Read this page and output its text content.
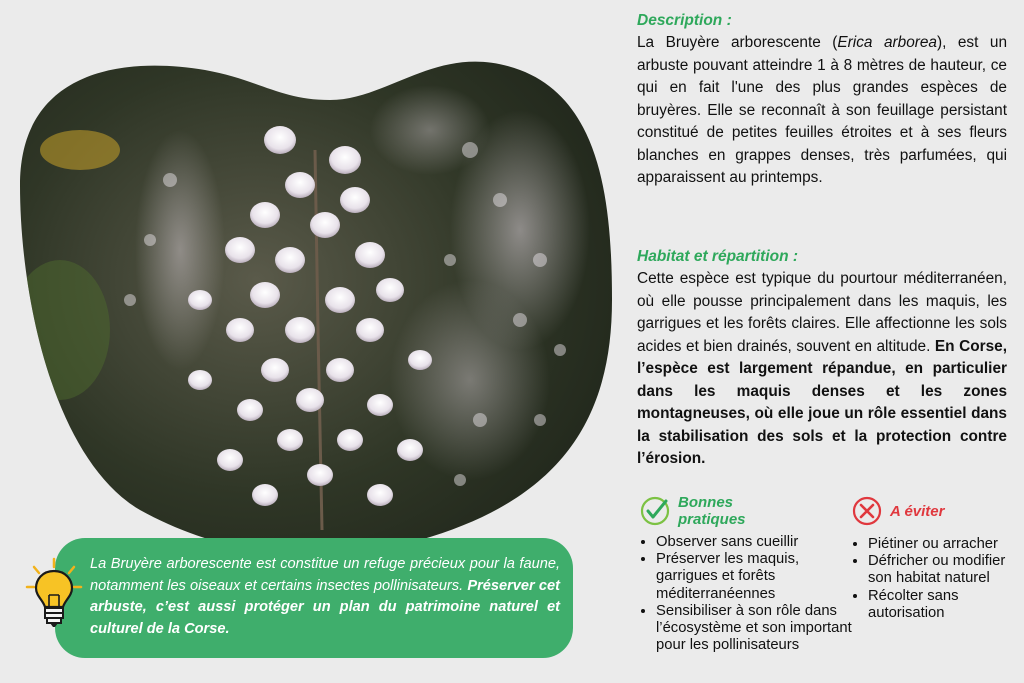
La Bruyère arborescente est constitue un refuge précieux pour la faune, notamment les oiseaux et certains insectes pollinisateurs. Préserver cet arbuste, c’est aussi protéger un plan du patrimoine naturel et culturel de la Corse.
Description :

La Bruyère arborescente (Erica arborea), est un arbuste pouvant atteindre 1 à 8 mètres de hauteur, ce qui en fait l'une des plus grandes espèces de bruyères. Elle se reconnaît à son feuillage persistant constitué de petites feuilles étroites et à ses fleurs blanches en grappes denses, très parfumées, qui apparaissent au printemps.

Habitat et répartition :

Cette espèce est typique du pourtour méditerranéen, où elle pousse principalement dans les maquis, les garrigues et les forêts claires. Elle affectionne les sols acides et bien drainés, souvent en altitude. En Corse, l’espèce est largement répandue, en particulier dans les maquis denses et les zones montagneuses, où elle joue un rôle essentiel dans la stabilisation des sols et la protection contre l’érosion.

Bonnes
pratiques
• Observer sans cueillir
• Préserver les maquis, garrigues et forêts méditerranéennes
• Sensibiliser à son rôle dans l’écosystème et son important pour les pollinisateurs
A éviter
• Piétiner ou arracher
• Défricher ou modifier son habitat naturel
• Récolter sans autorisation
